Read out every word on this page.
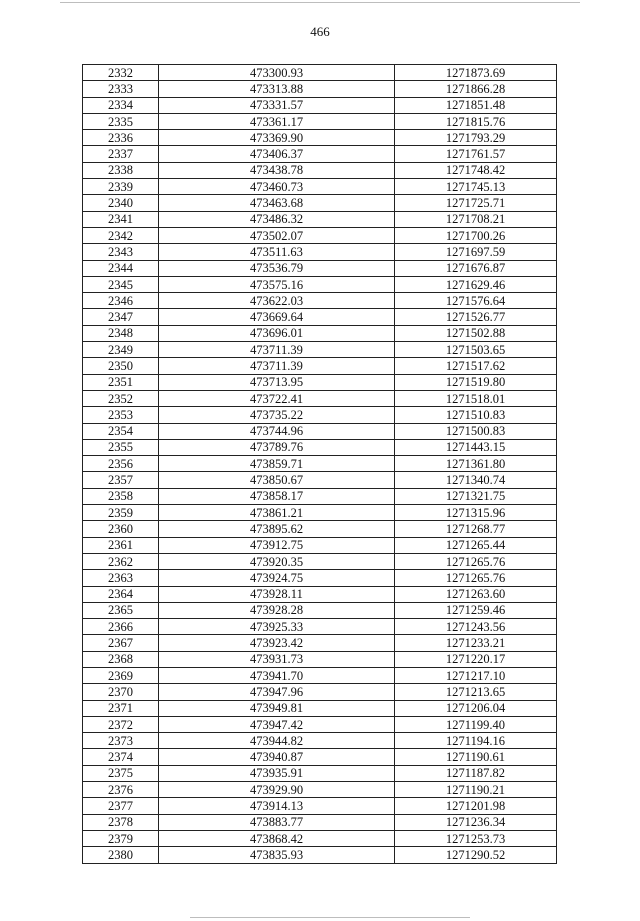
466
2332	473300.93	1271873.69
2333	473313.88	1271866.28
2334	473331.57	1271851.48
2335	473361.17	1271815.76
2336	473369.90	1271793.29
2337	473406.37	1271761.57
2338	473438.78	1271748.42
2339	473460.73	1271745.13
2340	473463.68	1271725.71
2341	473486.32	1271708.21
2342	473502.07	1271700.26
2343	473511.63	1271697.59
2344	473536.79	1271676.87
2345	473575.16	1271629.46
2346	473622.03	1271576.64
2347	473669.64	1271526.77
2348	473696.01	1271502.88
2349	473711.39	1271503.65
2350	473711.39	1271517.62
2351	473713.95	1271519.80
2352	473722.41	1271518.01
2353	473735.22	1271510.83
2354	473744.96	1271500.83
2355	473789.76	1271443.15
2356	473859.71	1271361.80
2357	473850.67	1271340.74
2358	473858.17	1271321.75
2359	473861.21	1271315.96
2360	473895.62	1271268.77
2361	473912.75	1271265.44
2362	473920.35	1271265.76
2363	473924.75	1271265.76
2364	473928.11	1271263.60
2365	473928.28	1271259.46
2366	473925.33	1271243.56
2367	473923.42	1271233.21
2368	473931.73	1271220.17
2369	473941.70	1271217.10
2370	473947.96	1271213.65
2371	473949.81	1271206.04
2372	473947.42	1271199.40
2373	473944.82	1271194.16
2374	473940.87	1271190.61
2375	473935.91	1271187.82
2376	473929.90	1271190.21
2377	473914.13	1271201.98
2378	473883.77	1271236.34
2379	473868.42	1271253.73
2380	473835.93	1271290.52
